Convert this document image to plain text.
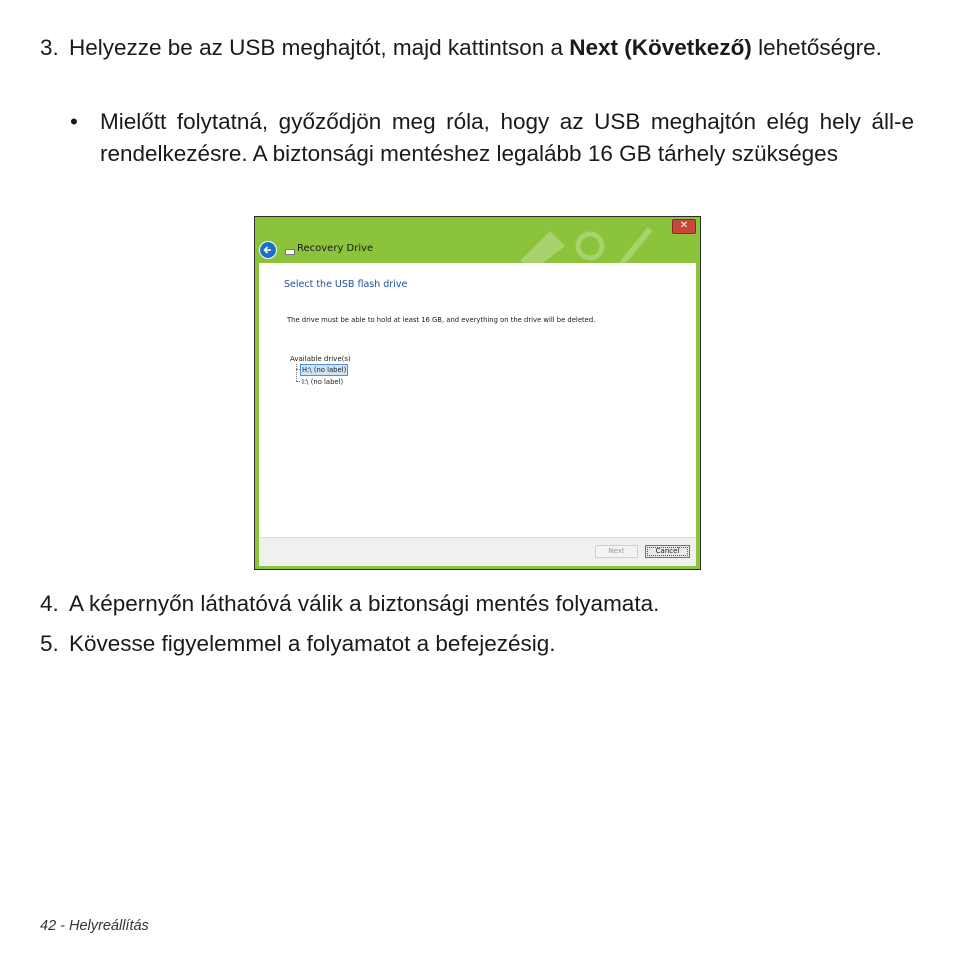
3. Helyezze be az USB meghajtót, majd kattintson a Next (Következő) lehetőségre.
• Mielőtt folytatná, győződjön meg róla, hogy az USB meghajtón elég hely áll-e rendelkezésre. A biztonsági mentéshez legalább 16 GB tárhely szükséges
✕
Recovery Drive
Select the USB flash drive
The drive must be able to hold at least 16 GB, and everything on the drive will be deleted.
Available drive(s)
H:\ (no label)
I:\ (no label)
Next	Cancel
4. A képernyőn láthatóvá válik a biztonsági mentés folyamata.
5. Kövesse figyelemmel a folyamatot a befejezésig.
42 - Helyreállítás
